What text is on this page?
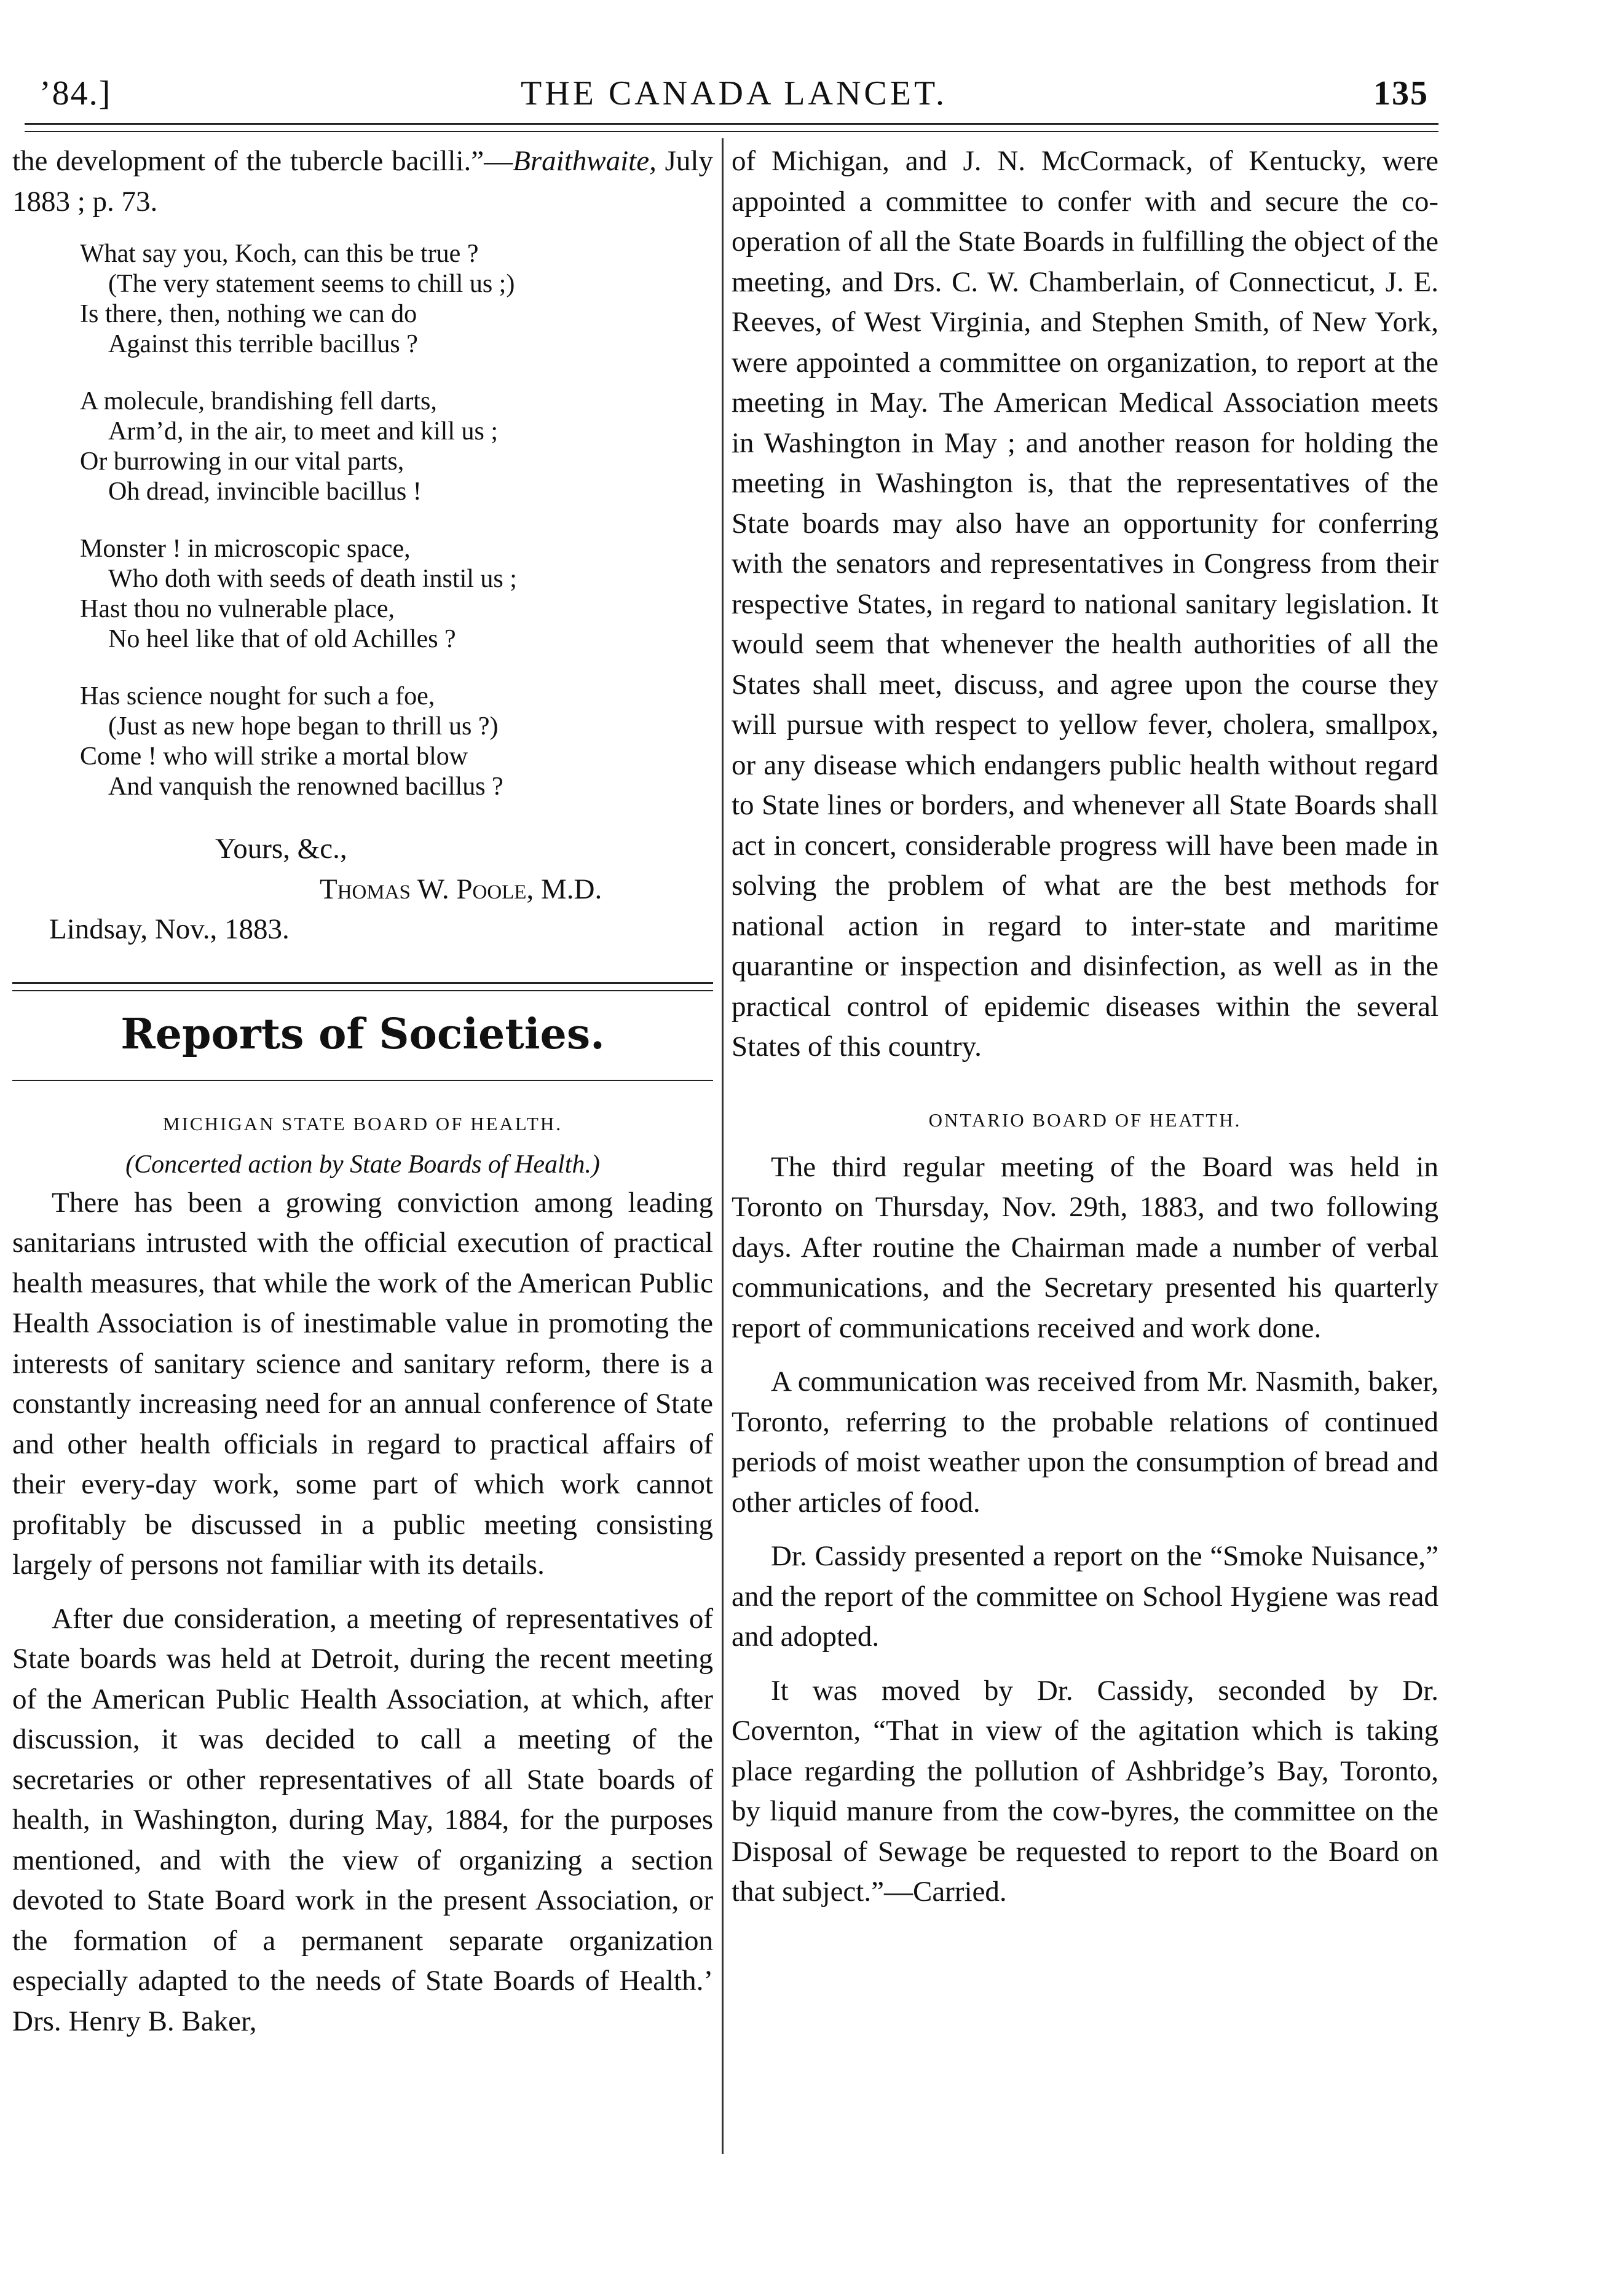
’84.]	THE CANADA LANCET.	135

the development of the tubercle bacilli.”—Braithwaite, July 1883 ; p. 73.

What say you, Koch, can this be true ?
(The very statement seems to chill us ;)
Is there, then, nothing we can do
Against this terrible bacillus ?
A molecule, brandishing fell darts,
Arm’d, in the air, to meet and kill us ;
Or burrowing in our vital parts,
Oh dread, invincible bacillus !
Monster ! in microscopic space,
Who doth with seeds of death instil us ;
Hast thou no vulnerable place,
No heel like that of old Achilles ?
Has science nought for such a foe,
(Just as new hope began to thrill us ?)
Come ! who will strike a mortal blow
And vanquish the renowned bacillus ?
Yours, &c.,
Thomas W. Poole, M.D.
Lindsay, Nov., 1883.
Reports of Societies.
MICHIGAN STATE BOARD OF HEALTH.
(Concerted action by State Boards of Health.)

There has been a growing conviction among leading sanitarians intrusted with the official execution of practical health measures, that while the work of the American Public Health Association is of inestimable value in promoting the interests of sanitary science and sanitary reform, there is a constantly increasing need for an annual conference of State and other health officials in regard to practical affairs of their every-day work, some part of which work cannot profitably be discussed in a public meeting consisting largely of persons not familiar with its details.

After due consideration, a meeting of representatives of State boards was held at Detroit, during the recent meeting of the American Public Health Association, at which, after discussion, it was decided to call a meeting of the secretaries or other representatives of all State boards of health, in Washington, during May, 1884, for the purposes mentioned, and with the view of organizing a section devoted to State Board work in the present Association, or the formation of a permanent separate organization especially adapted to the needs of State Boards of Health.’ Drs. Henry B. Baker,

of Michigan, and J. N. McCormack, of Kentucky, were appointed a committee to confer with and secure the co-operation of all the State Boards in fulfilling the object of the meeting, and Drs. C. W. Chamberlain, of Connecticut, J. E. Reeves, of West Virginia, and Stephen Smith, of New York, were appointed a committee on organization, to report at the meeting in May. The American Medical Association meets in Washington in May ; and another reason for holding the meeting in Washington is, that the representatives of the State boards may also have an opportunity for conferring with the senators and representatives in Congress from their respective States, in regard to national sanitary legislation. It would seem that whenever the health authorities of all the States shall meet, discuss, and agree upon the course they will pursue with respect to yellow fever, cholera, smallpox, or any disease which endangers public health without regard to State lines or borders, and whenever all State Boards shall act in concert, considerable progress will have been made in solving the problem of what are the best methods for national action in regard to inter-state and maritime quarantine or inspection and disinfection, as well as in the practical control of epidemic diseases within the several States of this country.

ONTARIO BOARD OF HEATTH.

The third regular meeting of the Board was held in Toronto on Thursday, Nov. 29th, 1883, and two following days. After routine the Chairman made a number of verbal communications, and the Secretary presented his quarterly report of communications received and work done.

A communication was received from Mr. Nasmith, baker, Toronto, referring to the probable relations of continued periods of moist weather upon the consumption of bread and other articles of food.

Dr. Cassidy presented a report on the “Smoke Nuisance,” and the report of the committee on School Hygiene was read and adopted.

It was moved by Dr. Cassidy, seconded by Dr. Covernton, “That in view of the agitation which is taking place regarding the pollution of Ashbridge’s Bay, Toronto, by liquid manure from the cow-byres, the committee on the Disposal of Sewage be requested to report to the Board on that subject.”—Carried.
